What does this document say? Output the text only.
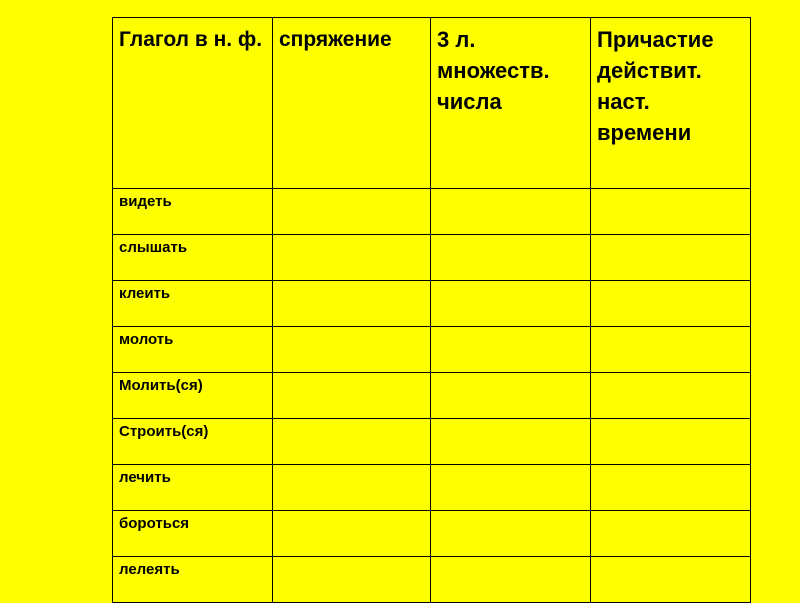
Глагол в н. ф.	спряжение	3 л. множеств. числа	Причастие действит. наст. времени
видеть			
слышать			
клеить			
молоть			
Молить(ся)			
Строить(ся)			
лечить			
бороться			
лелеять			
